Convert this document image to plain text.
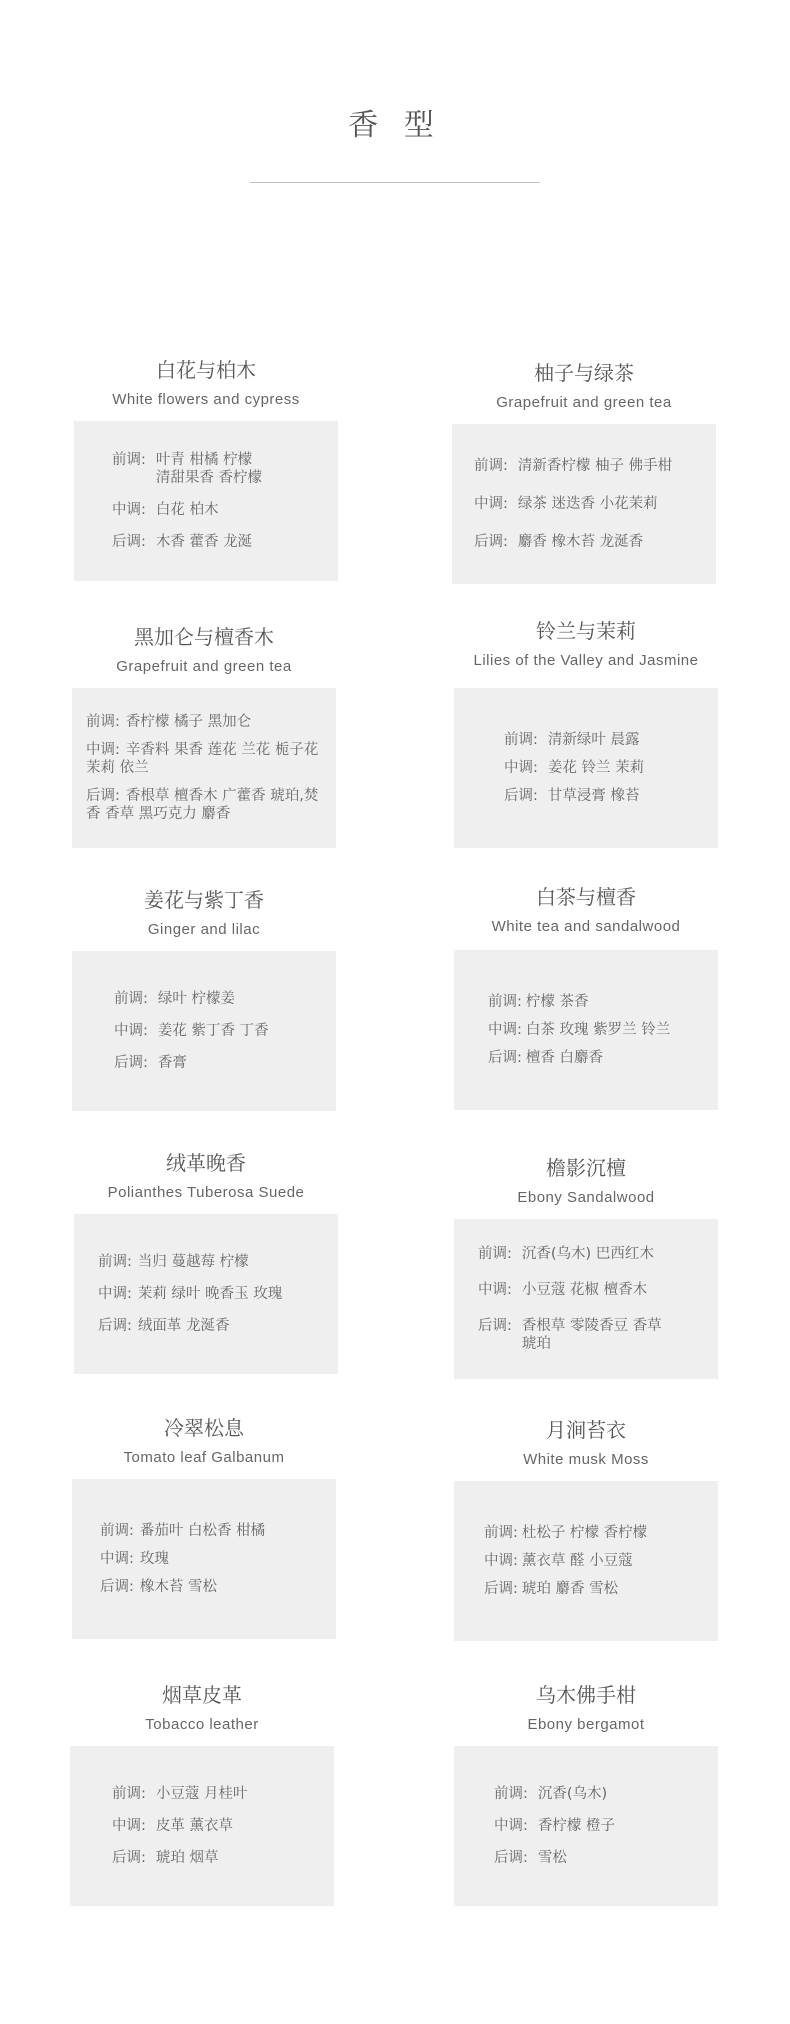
香 型
白花与柏木
White flowers and cypress
前调: 叶青 柑橘 柠檬
清甜果香 香柠檬
中调: 白花 柏木
后调: 木香 藿香 龙涎
柚子与绿茶
Grapefruit and green tea
前调: 清新香柠檬 柚子 佛手柑
中调: 绿茶 迷迭香 小花茉莉
后调: 麝香 橡木苔 龙涎香
黑加仑与檀香木
Grapefruit and green tea
前调: 香柠檬 橘子 黑加仑
中调: 辛香料 果香 莲花 兰花 栀子花 茉莉 依兰
后调: 香根草 檀香木 广藿香 琥珀,焚香 香草 黑巧克力 麝香
铃兰与茉莉
Lilies of the Valley and Jasmine
前调: 清新绿叶 晨露
中调: 姜花 铃兰 茉莉
后调: 甘草浸膏 橡苔
姜花与紫丁香
Ginger and lilac
前调: 绿叶 柠檬姜
中调: 姜花 紫丁香 丁香
后调: 香膏
白茶与檀香
White tea and sandalwood
前调: 柠檬 茶香
中调: 白茶 玫瑰 紫罗兰 铃兰
后调: 檀香 白麝香
绒革晚香
Polianthes Tuberosa Suede
前调: 当归 蔓越莓 柠檬
中调: 茉莉 绿叶 晚香玉 玫瑰
后调: 绒面革 龙涎香
檐影沉檀
Ebony Sandalwood
前调: 沉香(乌木) 巴西红木
中调: 小豆蔻 花椒 檀香木
后调: 香根草 零陵香豆 香草
琥珀
冷翠松息
Tomato leaf Galbanum
前调: 番茄叶 白松香 柑橘
中调: 玫瑰
后调: 橡木苔 雪松
月涧苔衣
White musk Moss
前调: 杜松子 柠檬 香柠檬
中调: 薰衣草 醛 小豆蔻
后调: 琥珀 麝香 雪松
烟草皮革
Tobacco leather
前调: 小豆蔻 月桂叶
中调: 皮革 薰衣草
后调: 琥珀 烟草
乌木佛手柑
Ebony bergamot
前调: 沉香(乌木)
中调: 香柠檬 橙子
后调: 雪松
